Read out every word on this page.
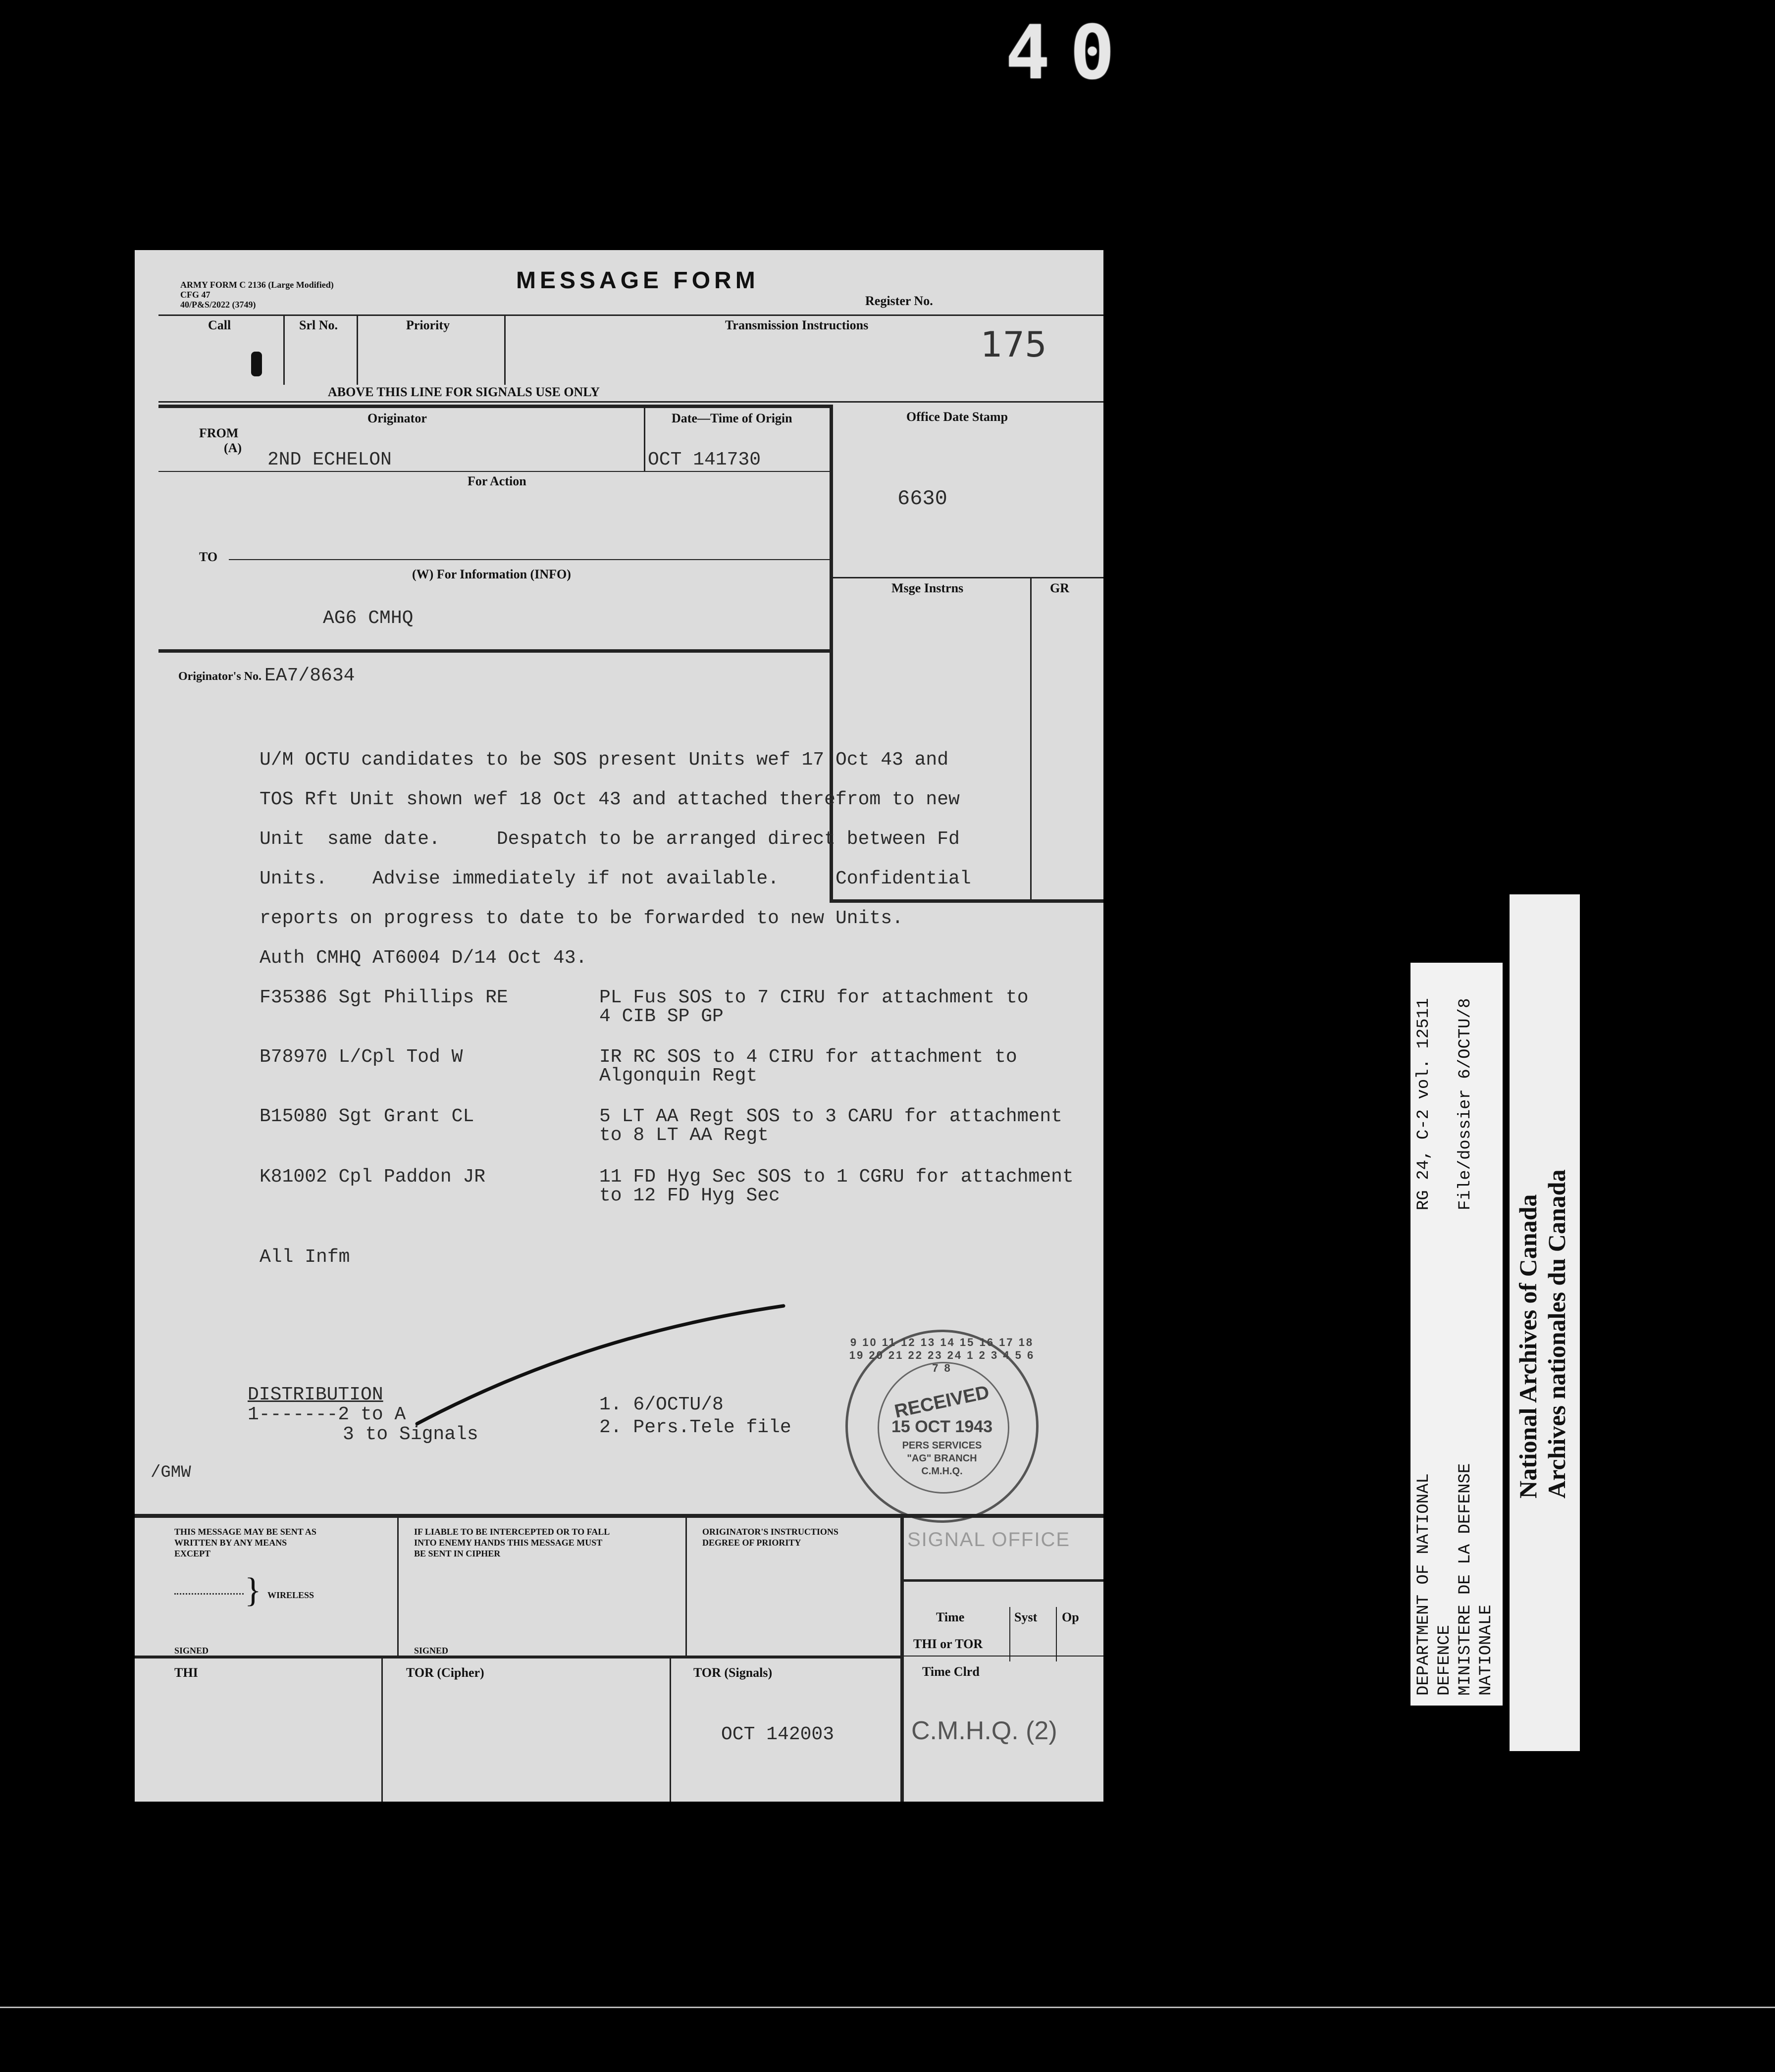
40
ARMY FORM C 2136 (Large Modified)
CFG 47
40/P&S/2022 (3749)
MESSAGE FORM
Register No.
Call	Srl No.	Priority	Transmission Instructions	175
ABOVE THIS LINE FOR SIGNALS USE ONLY
Originator	Date—Time of Origin	Office Date Stamp
FROM
(A)
2ND ECHELON	OCT 141730
For Action
6630
TO
(W) For Information (INFO)
AG6 CMHQ
Msge Instrns	GR
Originator's No. EA7/8634
U/M OCTU candidates to be SOS present Units wef 17 Oct 43 and
TOS Rft Unit shown wef 18 Oct 43 and attached therefrom to new
Unit  same date.     Despatch to be arranged direct between Fd
Units.    Advise immediately if not available.     Confidential
reports on progress to date to be forwarded to new Units.
Auth CMHQ AT6004 D/14 Oct 43.
F35386 Sgt Phillips RE	PL Fus SOS to 7 CIRU for attachment to
4 CIB SP GP
B78970 L/Cpl Tod W	IR RC SOS to 4 CIRU for attachment to
Algonquin Regt
B15080 Sgt Grant CL	5 LT AA Regt SOS to 3 CARU for attachment
to 8 LT AA Regt
K81002 Cpl Paddon JR	11 FD Hyg Sec SOS to 1 CGRU for attachment
to 12 FD Hyg Sec
All Infm
DISTRIBUTION
1-------2 to A
3 to Signals
1. 6/OCTU/8
2. Pers.Tele file
/GMW
9 10 11 12 13 14 15 16 17 18 19 20 21 22 23 24 1 2 3 4 5 6 7 8
RECEIVED
15 OCT 1943
PERS SERVICES
"AG" BRANCH
C.M.H.Q.
THIS MESSAGE MAY BE SENT AS
WRITTEN BY ANY MEANS
EXCEPT
} WIRELESS
SIGNED
IF LIABLE TO BE INTERCEPTED OR TO FALL
INTO ENEMY HANDS THIS MESSAGE MUST
BE SENT IN CIPHER
SIGNED
ORIGINATOR'S INSTRUCTIONS
DEGREE OF PRIORITY	SIGNAL OFFICE
Time	Syst Op
THI or TOR
Time Clrd
THI	TOR (Cipher)	TOR (Signals)
OCT 142003	C.M.H.Q. (2)
DEPARTMENT OF NATIONAL DEFENCE MINISTERE DE LA DEFENSE NATIONALE
RG 24, C-2 vol. 12511 File/dossier 6/OCTU/8
National Archives of Canada Archives nationales du Canada
